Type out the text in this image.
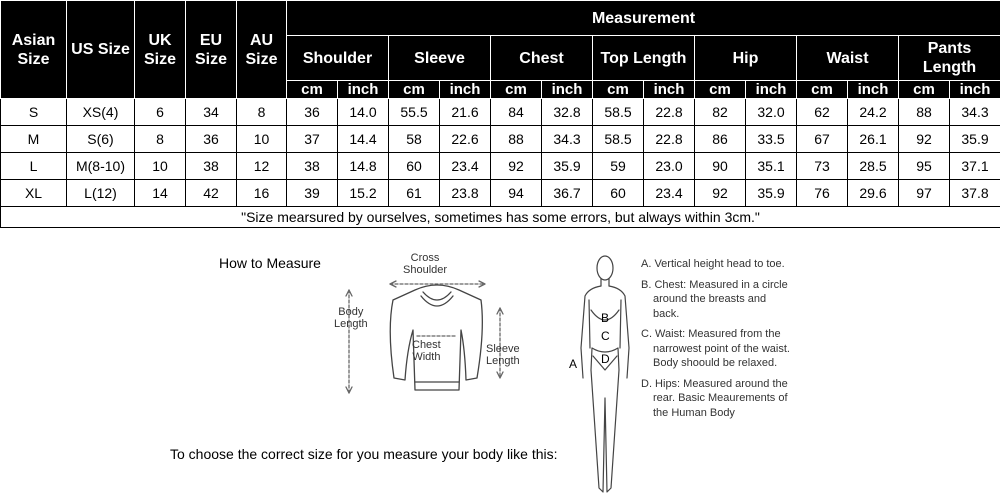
Asian Size	US Size	UK Size	EU Size	AU Size	Measurement													
					Shoulder		Sleeve		Chest		Top Length		Hip		Waist		Pants Length	
					cm	inch	cm	inch	cm	inch	cm	inch	cm	inch	cm	inch	cm	inch
S	XS(4)	6	34	8	36	14.0	55.5	21.6	84	32.8	58.5	22.8	82	32.0	62	24.2	88	34.3
M	S(6)	8	36	10	37	14.4	58	22.6	88	34.3	58.5	22.8	86	33.5	67	26.1	92	35.9
L	M(8-10)	10	38	12	38	14.8	60	23.4	92	35.9	59	23.0	90	35.1	73	28.5	95	37.1
XL	L(12)	14	42	16	39	15.2	61	23.8	94	36.7	60	23.4	92	35.9	76	29.6	97	37.8
"Size mearsured by ourselves, sometimes has some errors, but always within 3cm."																		
How to Measure
To choose the correct size for you measure your body like this:
Cross
Shoulder
Body
Length
Chest
Width
Sleeve
Length
B
C
D
A

A. Vertical height head to toe.

B. Chest: Measured in a circle around the breasts and back.

C. Waist: Measured from the narrowest point of the waist. Body shoould be relaxed.

D. Hips: Measured around the rear. Basic Meaurements of the Human Body
